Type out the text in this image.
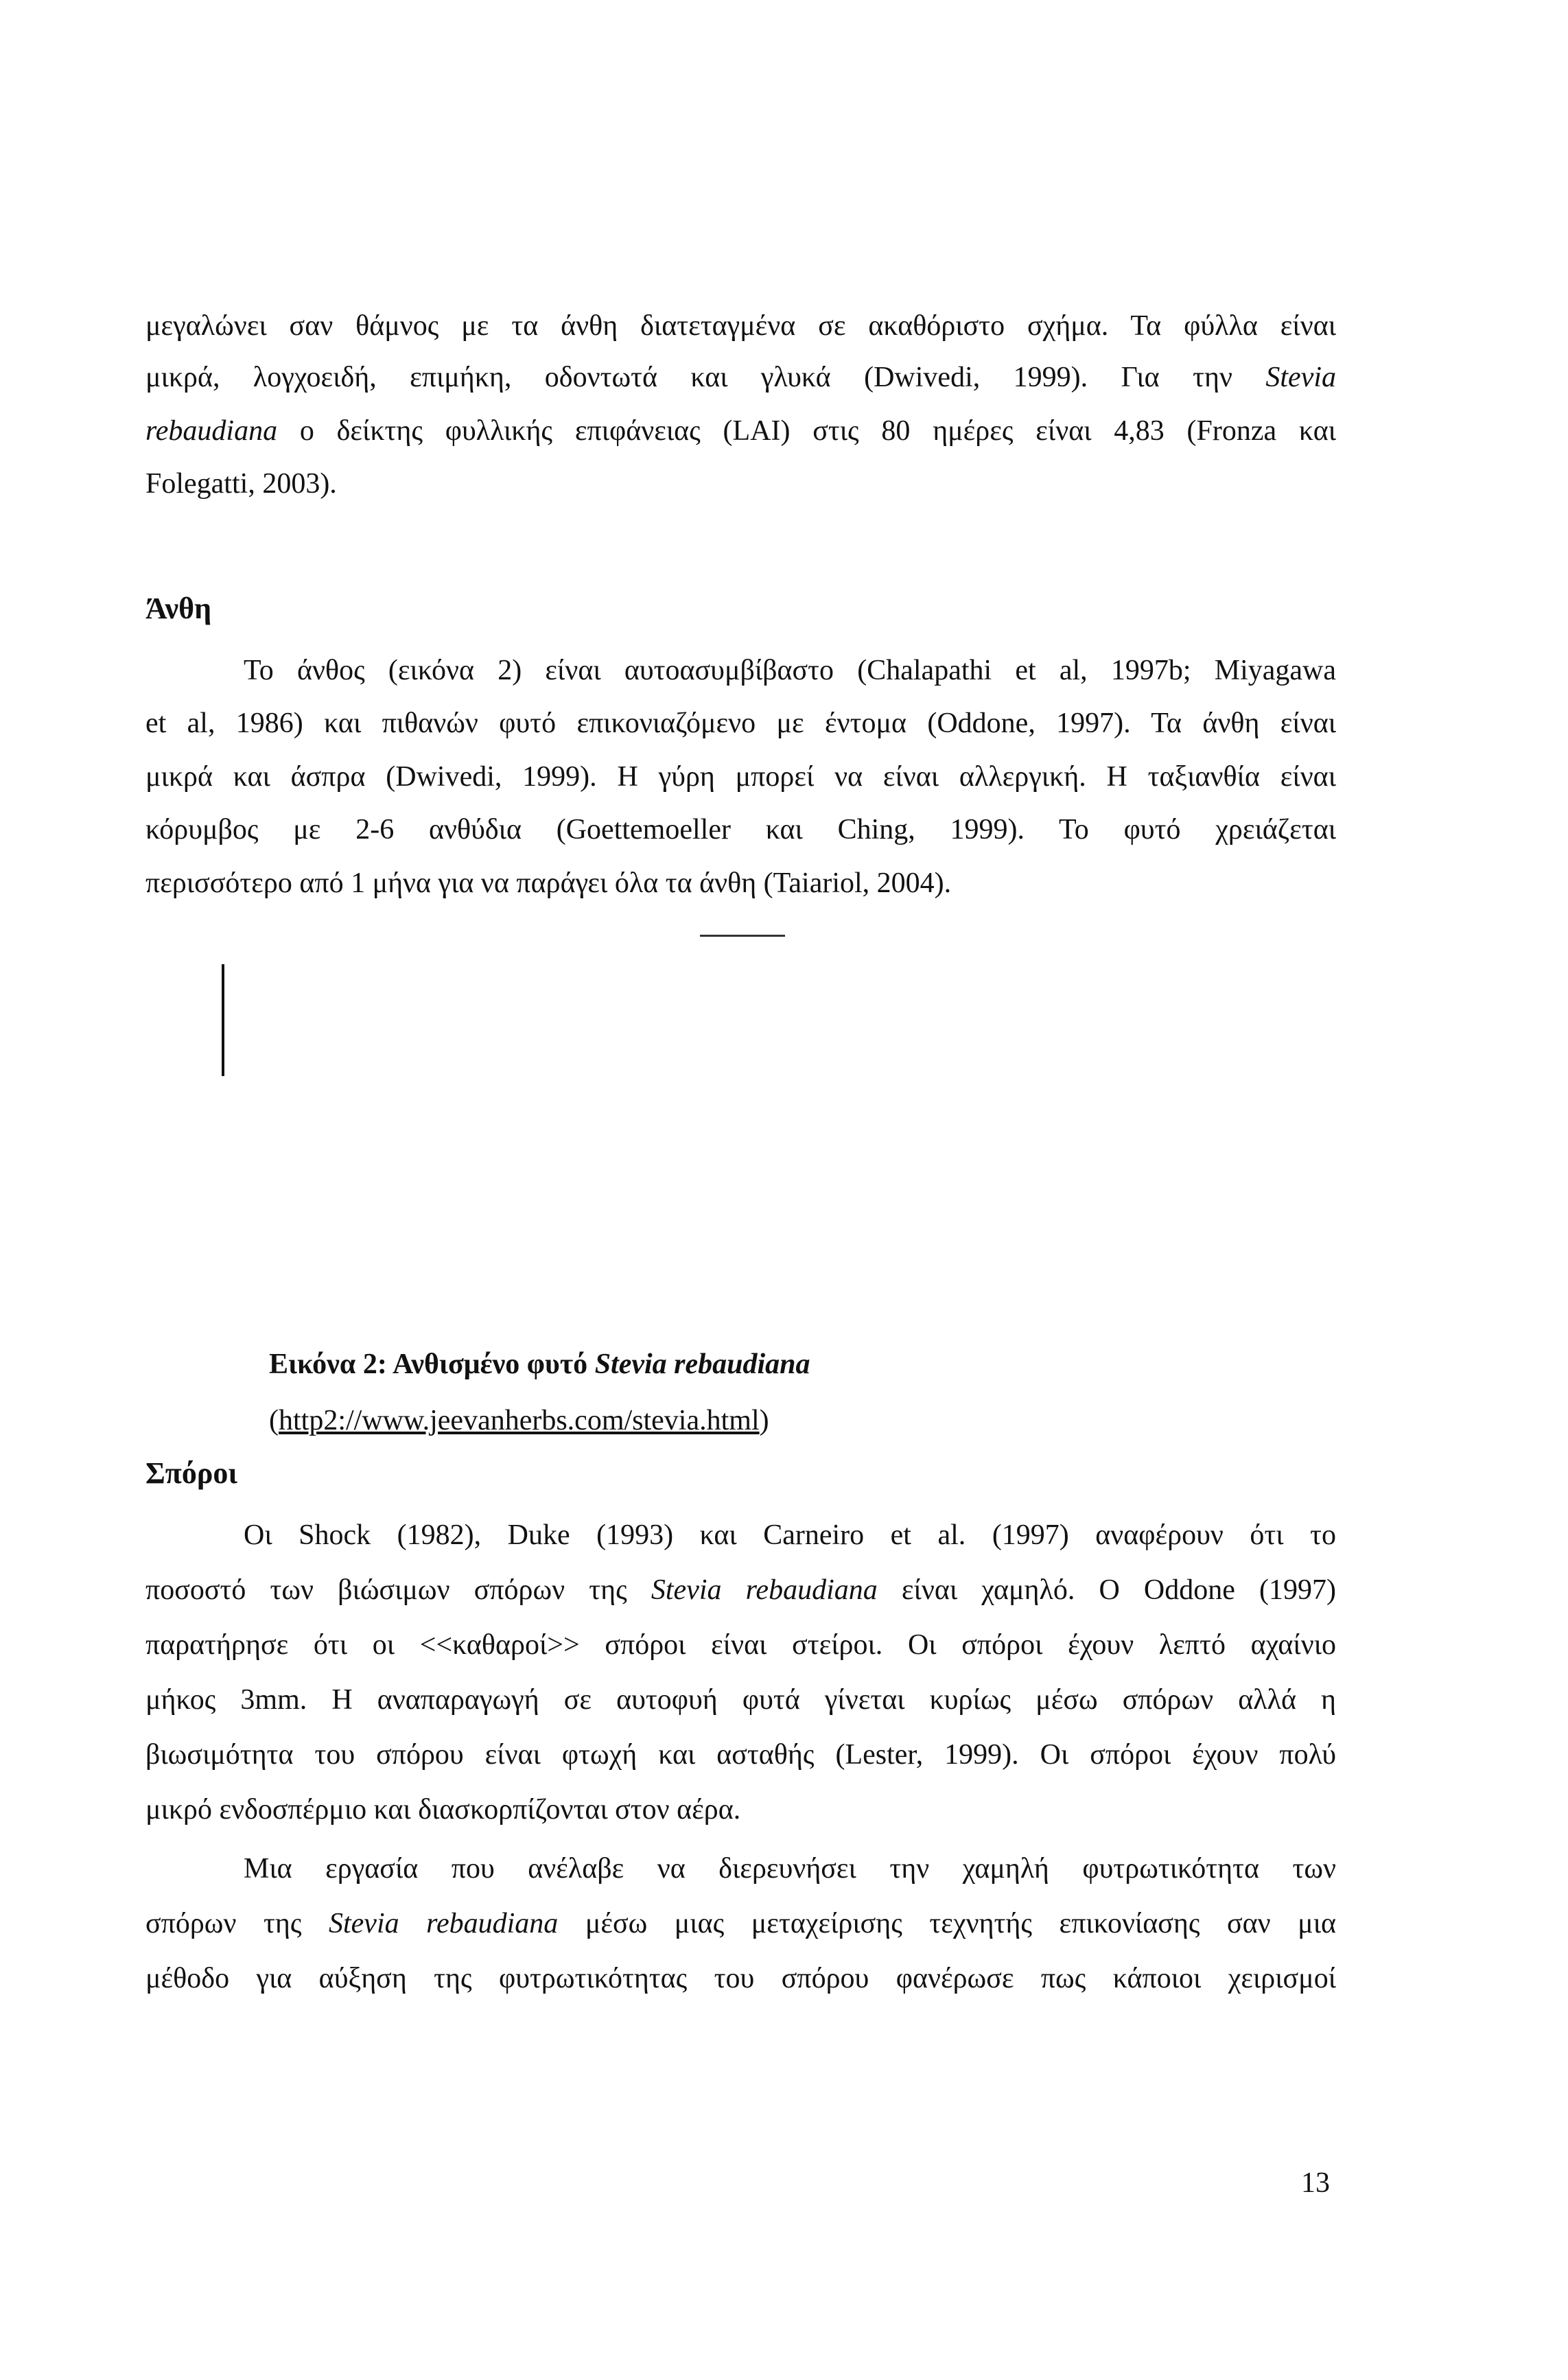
μεγαλώνει σαν θάμνος με τα άνθη διατεταγμένα σε ακαθόριστο σχήμα. Τα φύλλα είναι
μικρά, λογχοειδή, επιμήκη, οδοντωτά και γλυκά (Dwivedi, 1999). Για την Stevia
rebaudiana ο δείκτης φυλλικής επιφάνειας (LAI) στις 80 ημέρες είναι 4,83 (Fronza και
Folegatti, 2003).
Άνθη
Το άνθος (εικόνα 2) είναι αυτοασυμβίβαστο (Chalapathi et al, 1997b; Miyagawa
et al, 1986) και πιθανών φυτό επικονιαζόμενο με έντομα (Oddone, 1997). Τα άνθη είναι
μικρά και άσπρα (Dwivedi, 1999). Η γύρη μπορεί να είναι αλλεργική. Η ταξιανθία είναι
κόρυμβος με 2-6 ανθύδια (Goettemoeller και Ching, 1999). Το φυτό χρειάζεται
περισσότερο από 1 μήνα για να παράγει όλα τα άνθη (Taiariol, 2004).
Εικόνα 2: Ανθισμένο φυτό Stevia rebaudiana
(http2://www.jeevanherbs.com/stevia.html)
Σπόροι
Οι Shock (1982), Duke (1993) και Carneiro et al. (1997) αναφέρουν ότι το
ποσοστό των βιώσιμων σπόρων της Stevia rebaudiana είναι χαμηλό. Ο Oddone (1997)
παρατήρησε ότι οι <<καθαροί>> σπόροι είναι στείροι. Οι σπόροι έχουν λεπτό αχαίνιο
μήκος 3mm. Η αναπαραγωγή σε αυτοφυή φυτά γίνεται κυρίως μέσω σπόρων αλλά η
βιωσιμότητα του σπόρου είναι φτωχή και ασταθής (Lester, 1999). Οι σπόροι έχουν πολύ
μικρό ενδοσπέρμιο και διασκορπίζονται στον αέρα.
Μια εργασία που ανέλαβε να διερευνήσει την χαμηλή φυτρωτικότητα των
σπόρων της Stevia rebaudiana μέσω μιας μεταχείρισης τεχνητής επικονίασης σαν μια
μέθοδο για αύξηση της φυτρωτικότητας του σπόρου φανέρωσε πως κάποιοι χειρισμοί
13
